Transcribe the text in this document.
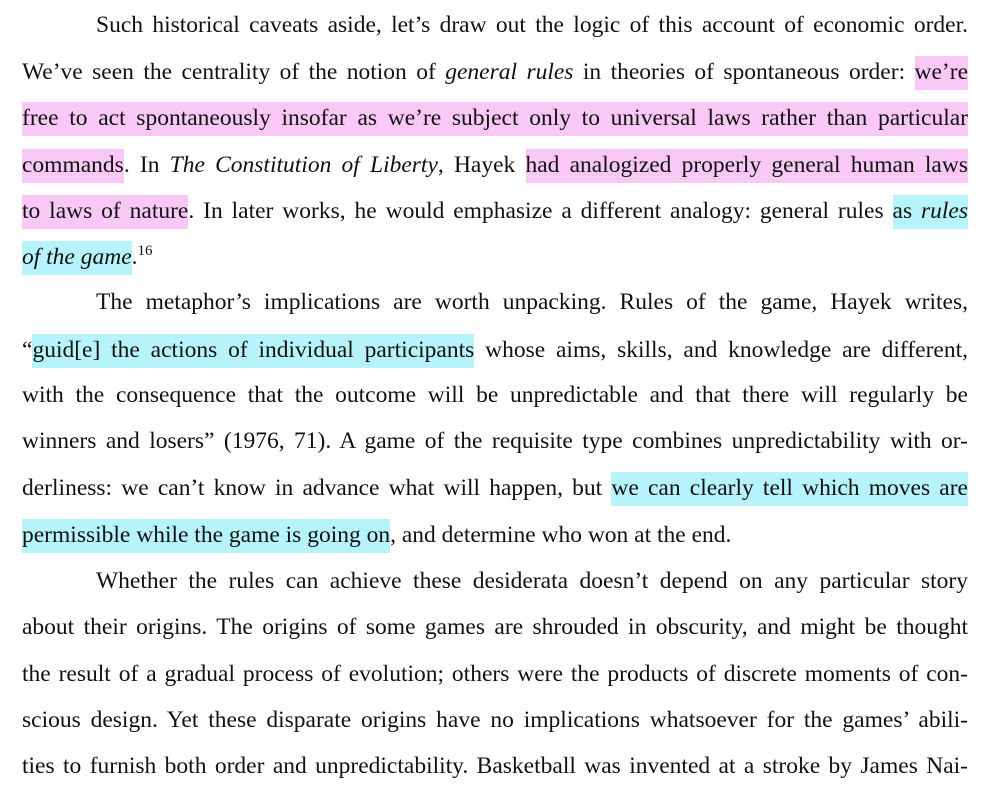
Such historical caveats aside, let’s draw out the logic of this account of economic order.
We’ve seen the centrality of the notion of general rules in theories of spontaneous order: we’re
free to act spontaneously insofar as we’re subject only to universal laws rather than particular
commands. In The Constitution of Liberty, Hayek had analogized properly general human laws
to laws of nature. In later works, he would emphasize a different analogy: general rules as rules
of the game.$^{16}$
The metaphor’s implications are worth unpacking. Rules of the game, Hayek writes,
“guid[e] the actions of individual participants whose aims, skills, and knowledge are different,
with the consequence that the outcome will be unpredictable and that there will regularly be
winners and losers” (1976, 71). A game of the requisite type combines unpredictability with or-
derliness: we can’t know in advance what will happen, but we can clearly tell which moves are
permissible while the game is going on, and determine who won at the end.
Whether the rules can achieve these desiderata doesn’t depend on any particular story
about their origins. The origins of some games are shrouded in obscurity, and might be thought
the result of a gradual process of evolution; others were the products of discrete moments of con-
scious design. Yet these disparate origins have no implications whatsoever for the games’ abili-
ties to furnish both order and unpredictability. Basketball was invented at a stroke by James Nai-
